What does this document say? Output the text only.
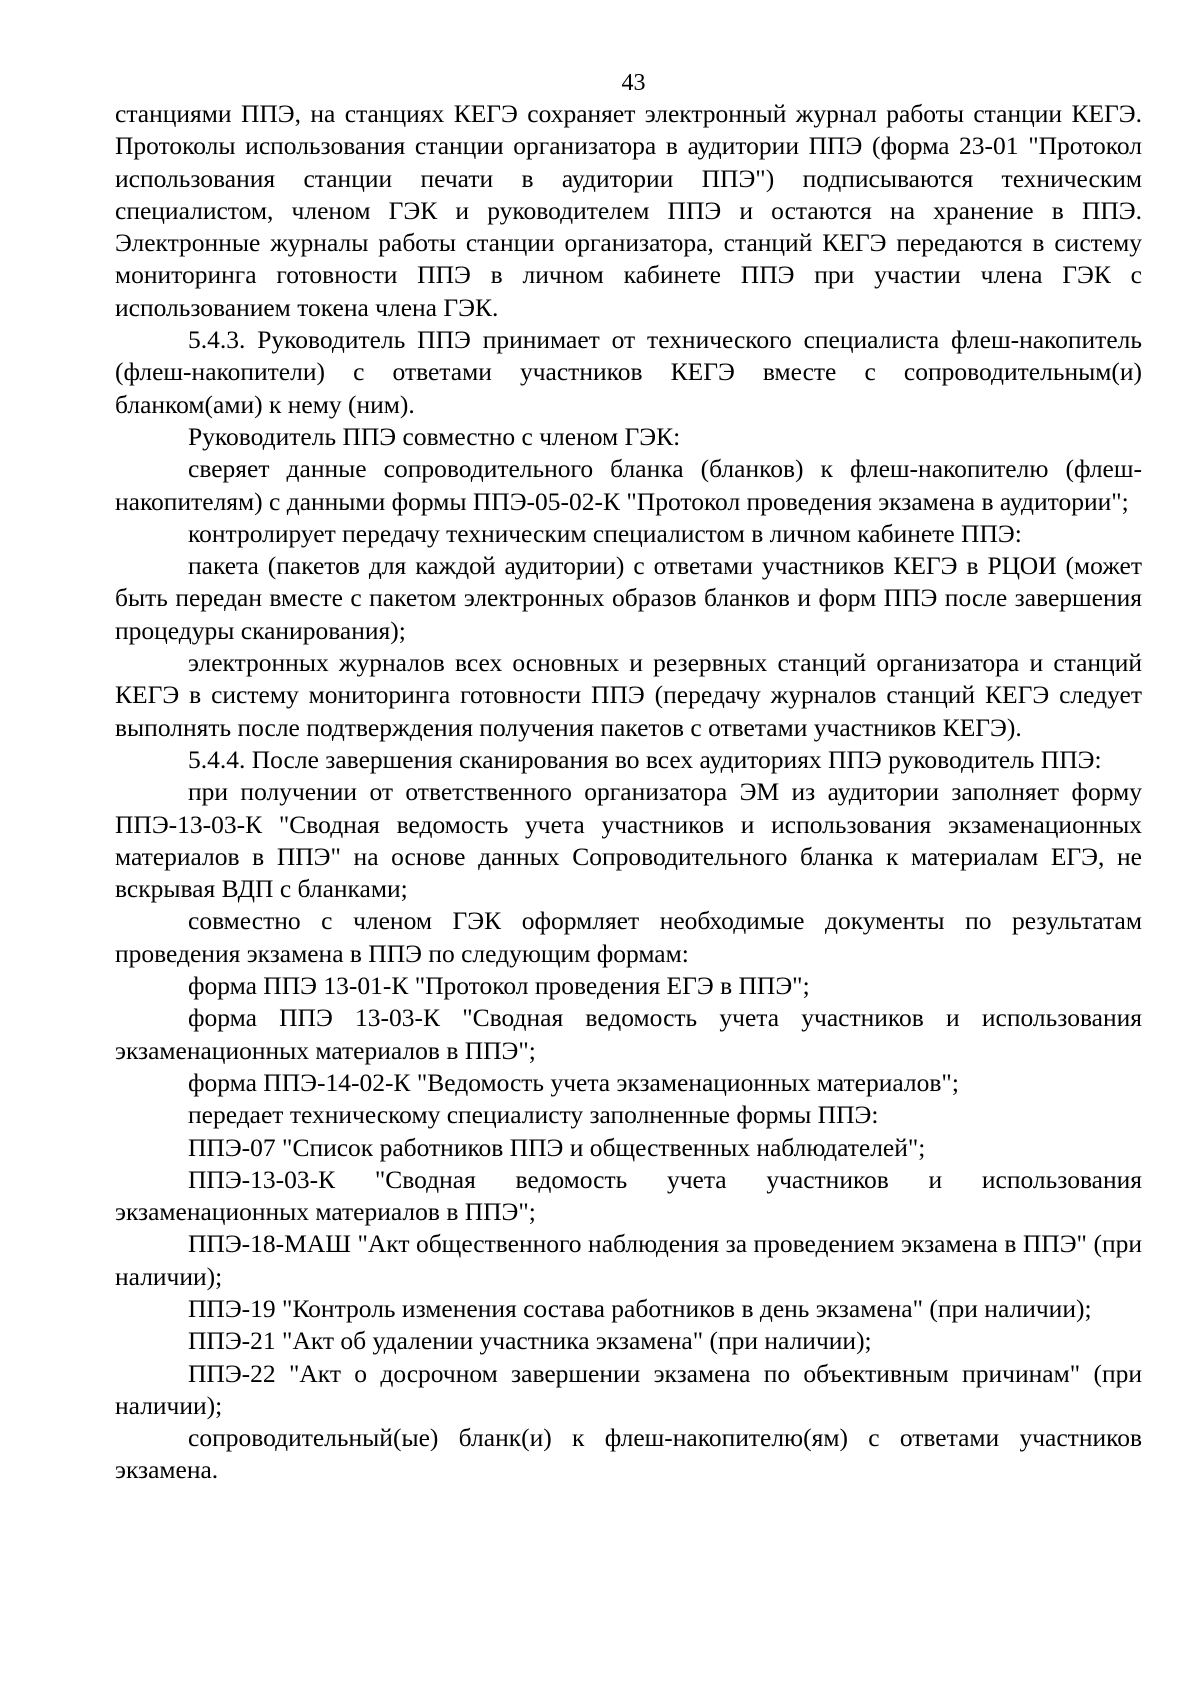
43

станциями ППЭ, на станциях КЕГЭ сохраняет электронный журнал работы станции КЕГЭ. Протоколы использования станции организатора в аудитории ППЭ (форма 23-01 "Протокол использования станции печати в аудитории ППЭ") подписываются техническим специалистом, членом ГЭК и руководителем ППЭ и остаются на хранение в ППЭ. Электронные журналы работы станции организатора, станций КЕГЭ передаются в систему мониторинга готовности ППЭ в личном кабинете ППЭ при участии члена ГЭК с использованием токена члена ГЭК.

5.4.3. Руководитель ППЭ принимает от технического специалиста флеш-накопитель (флеш-накопители) с ответами участников КЕГЭ вместе с сопроводительным(и) бланком(ами) к нему (ним).

Руководитель ППЭ совместно с членом ГЭК:

сверяет данные сопроводительного бланка (бланков) к флеш-накопителю (флеш-накопителям) с данными формы ППЭ-05-02-К "Протокол проведения экзамена в аудитории";

контролирует передачу техническим специалистом в личном кабинете ППЭ:

пакета (пакетов для каждой аудитории) с ответами участников КЕГЭ в РЦОИ (может быть передан вместе с пакетом электронных образов бланков и форм ППЭ после завершения процедуры сканирования);

электронных журналов всех основных и резервных станций организатора и станций КЕГЭ в систему мониторинга готовности ППЭ (передачу журналов станций КЕГЭ следует выполнять после подтверждения получения пакетов с ответами участников КЕГЭ).

5.4.4. После завершения сканирования во всех аудиториях ППЭ руководитель ППЭ:

при получении от ответственного организатора ЭМ из аудитории заполняет форму ППЭ-13-03-К "Сводная ведомость учета участников и использования экзаменационных материалов в ППЭ" на основе данных Сопроводительного бланка к материалам ЕГЭ, не вскрывая ВДП с бланками;

совместно с членом ГЭК оформляет необходимые документы по результатам проведения экзамена в ППЭ по следующим формам:

форма ППЭ 13-01-К "Протокол проведения ЕГЭ в ППЭ";

форма ППЭ 13-03-К "Сводная ведомость учета участников и использования экзаменационных материалов в ППЭ";

форма ППЭ-14-02-К "Ведомость учета экзаменационных материалов";

передает техническому специалисту заполненные формы ППЭ:

ППЭ-07 "Список работников ППЭ и общественных наблюдателей";

ППЭ-13-03-К "Сводная ведомость учета участников и использования экзаменационных материалов в ППЭ";

ППЭ-18-МАШ "Акт общественного наблюдения за проведением экзамена в ППЭ" (при наличии);

ППЭ-19 "Контроль изменения состава работников в день экзамена" (при наличии);

ППЭ-21 "Акт об удалении участника экзамена" (при наличии);

ППЭ-22 "Акт о досрочном завершении экзамена по объективным причинам" (при наличии);

сопроводительный(ые) бланк(и) к флеш-накопителю(ям) с ответами участников экзамена.
